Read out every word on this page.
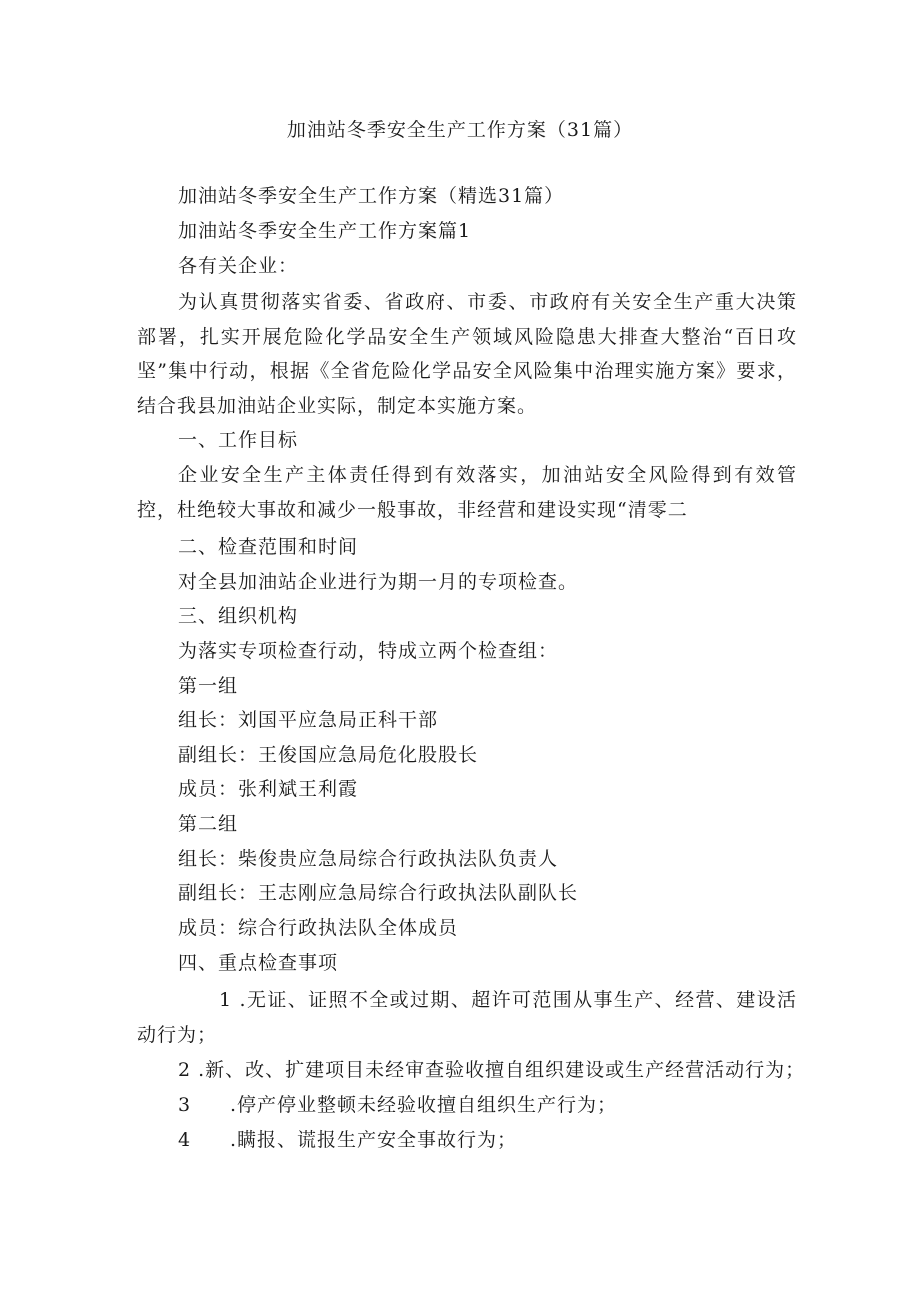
加油站冬季安全生产工作方案（31篇）
加油站冬季安全生产工作方案（精选31篇）
加油站冬季安全生产工作方案篇1
各有关企业：
为认真贯彻落实省委、省政府、市委、市政府有关安全生产重大决策部署，扎实开展危险化学品安全生产领域风险隐患大排查大整治“百日攻坚”集中行动，根据《全省危险化学品安全风险集中治理实施方案》要求，结合我县加油站企业实际，制定本实施方案。
一、工作目标
企业安全生产主体责任得到有效落实，加油站安全风险得到有效管控，杜绝较大事故和减少一般事故，非经营和建设实现“清零二
二、检查范围和时间
对全县加油站企业进行为期一月的专项检查。
三、组织机构
为落实专项检查行动，特成立两个检查组：
第一组
组长：刘国平应急局正科干部
副组长：王俊国应急局危化股股长
成员：张利斌王利霞
第二组
组长：柴俊贵应急局综合行政执法队负责人
副组长：王志刚应急局综合行政执法队副队长
成员：综合行政执法队全体成员
四、重点检查事项
1 .无证、证照不全或过期、超许可范围从事生产、经营、建设活动行为；
2 .新、改、扩建项目未经审查验收擅自组织建设或生产经营活动行为；
3 .停产停业整顿未经验收擅自组织生产行为；
4 .瞒报、谎报生产安全事故行为；
